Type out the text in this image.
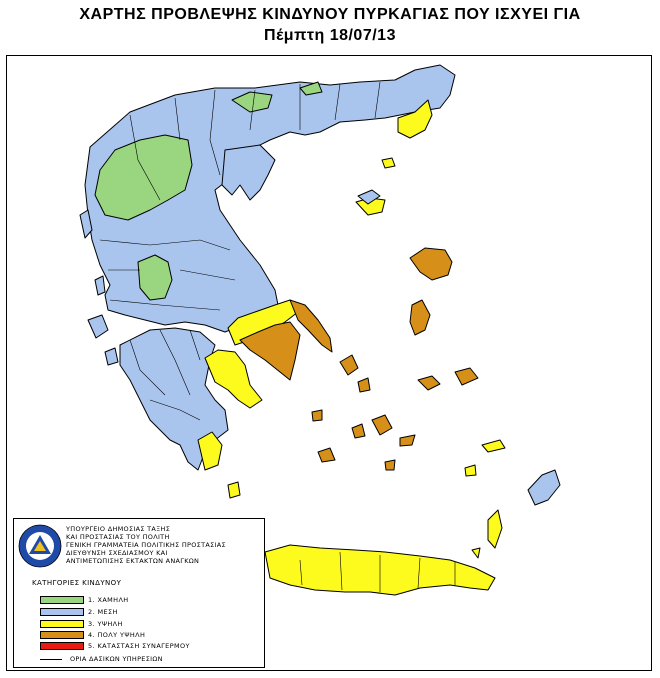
ΧΑΡΤΗΣ ΠΡΟΒΛΕΨΗΣ ΚΙΝΔΥΝΟΥ ΠΥΡΚΑΓΙΑΣ ΠΟΥ ΙΣΧΥΕΙ ΓΙΑ
Πέμπτη 18/07/13
ΥΠΟΥΡΓΕΙΟ ΔΗΜΟΣΙΑΣ ΤΑΞΗΣ
ΚΑΙ ΠΡΟΣΤΑΣΙΑΣ ΤΟΥ ΠΟΛΙΤΗ
ΓΕΝΙΚΗ ΓΡΑΜΜΑΤΕΙΑ ΠΟΛΙΤΙΚΗΣ ΠΡΟΣΤΑΣΙΑΣ
ΔΙΕΥΘΥΝΣΗ ΣΧΕΔΙΑΣΜΟΥ ΚΑΙ
ΑΝΤΙΜΕΤΩΠΙΣΗΣ ΕΚΤΑΚΤΩΝ ΑΝΑΓΚΩΝ
ΚΑΤΗΓΟΡΙΕΣ ΚΙΝΔΥΝΟΥ
1. ΧΑΜΗΛΗ
2. ΜΕΣΗ
3. ΥΨΗΛΗ
4. ΠΟΛΥ ΥΨΗΛΗ
5. ΚΑΤΑΣΤΑΣΗ ΣΥΝΑΓΕΡΜΟΥ
ΟΡΙΑ ΔΑΣΙΚΩΝ ΥΠΗΡΕΣΙΩΝ
